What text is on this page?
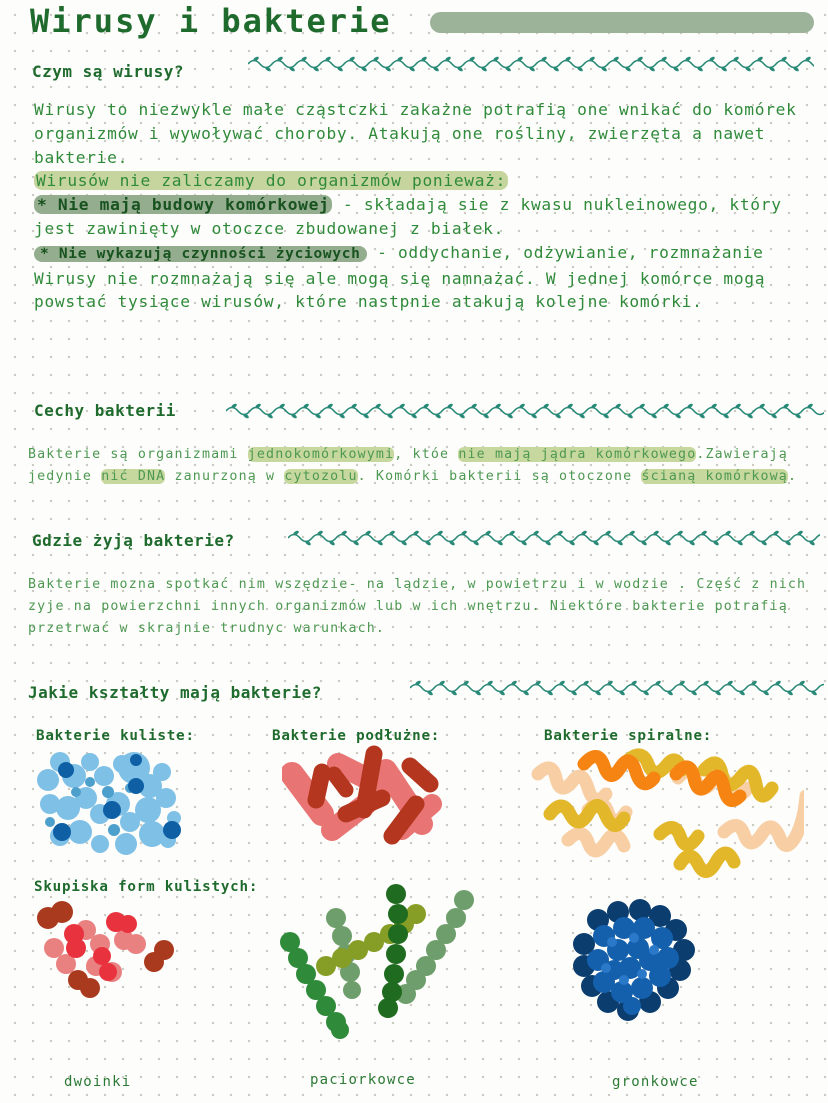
Wirusy i bakterie
Czym są wirusy?

Wirusy to niezwykle małe cząstczki zakażne potrafią one wnikać do komórek organizmów i wywoływać choroby. Atakują one rośliny, zwierzęta a nawet bakterie.

Wirusów nie zaliczamy do organizmów ponieważ:

* Nie mają budowy komórkowej - składają sie z kwasu nukleinowego, który jest zawinięty w otoczce zbudowanej z białek.

* Nie wykazują czynności życiowych - oddychanie, odżywianie, rozmnażanie

Wirusy nie rozmnażają się ale mogą się namnażać. W jednej komórce mogą powstać tysiące wirusów, które nastpnie atakują kolejne komórki.

Cechy bakterii

Bakterie są organizmami jednokomórkowymi, któe nie mają jądra komórkowego.Zawierają jedynie nić DNA zanurzoną w cytozolu. Komórki bakterii są otoczone ścianą komórkową.

Gdzie żyją bakterie?

Bakterie mozna spotkać nim wszędzie- na lądzie, w powietrzu i w wodzie . Część z nich zyje na powierzchni innych organizmów lub w ich wnętrzu. Niektóre bakterie potrafią przetrwać w skrajnie trudnyc warunkach.

Jakie kształty mają bakterie?

Bakterie kuliste:	Bakterie podłużne:	Bakterie spiralne:

Skupiska form kulistych:

dwoinki	paciorkowce	gronkowce
